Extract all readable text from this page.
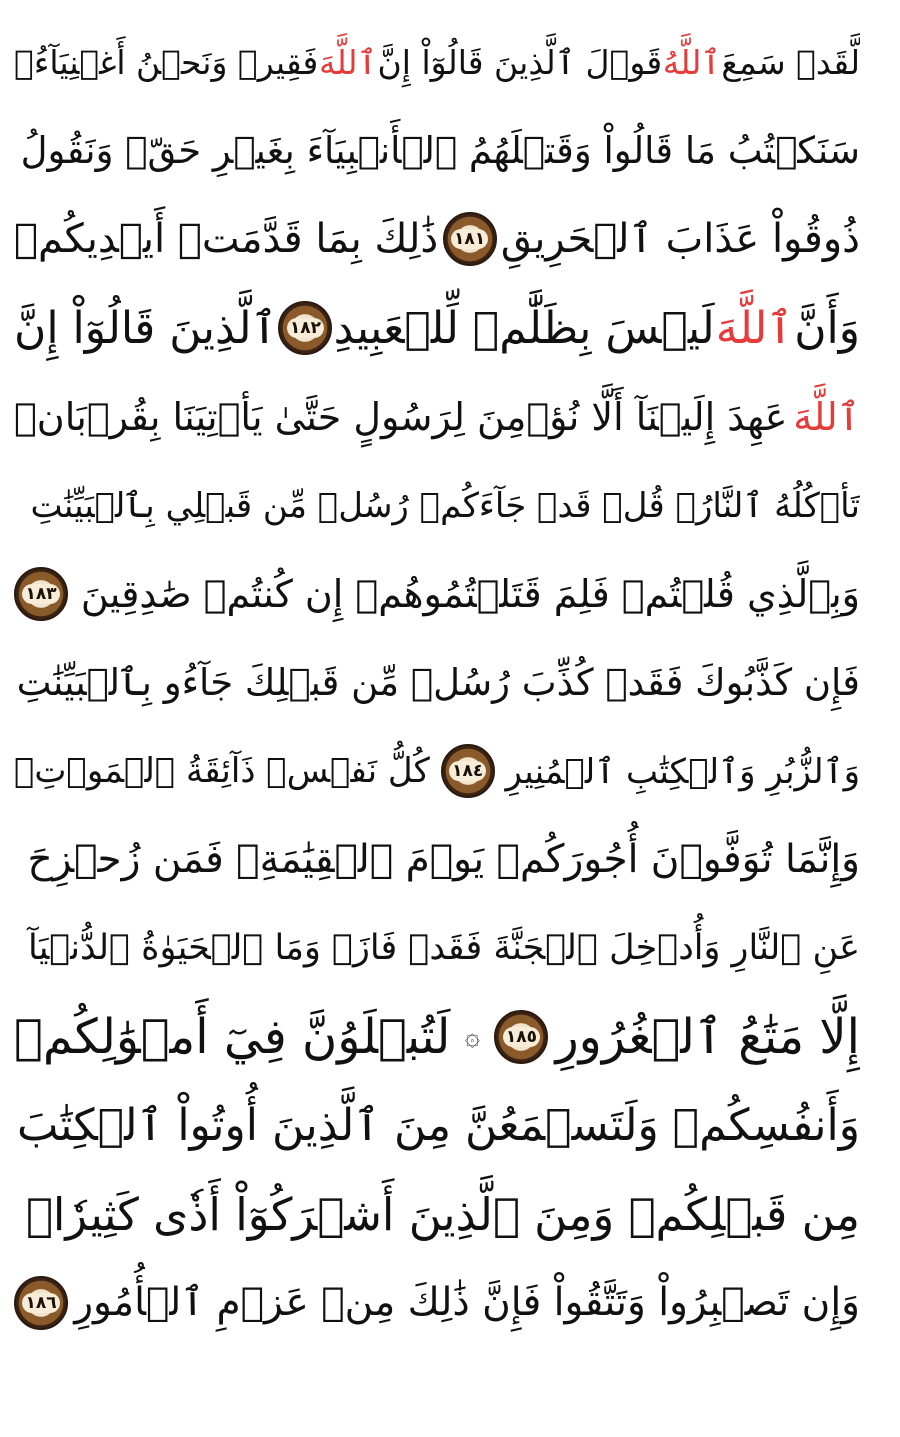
لَّقَدۡ سَمِعَ
ٱللَّهُ
قَوۡلَ ٱلَّذِينَ قَالُوٓاْ إِنَّ
ٱللَّهَ
فَقِيرٞ وَنَحۡنُ أَغۡنِيَآءُۘ
سَنَكۡتُبُ مَا قَالُواْ وَقَتۡلَهُمُ ٱلۡأَنۢبِيَآءَ بِغَيۡرِ حَقّٖ وَنَقُولُ
ذُوقُواْ عَذَابَ ٱلۡحَرِيقِ
١٨١
ذَٰلِكَ بِمَا قَدَّمَتۡ أَيۡدِيكُمۡ
وَأَنَّ
ٱللَّهَ
لَيۡسَ بِظَلَّٰمٖ لِّلۡعَبِيدِ
١٨٢
ٱلَّذِينَ قَالُوٓاْ إِنَّ
ٱللَّهَ
عَهِدَ إِلَيۡنَآ أَلَّا نُؤۡمِنَ لِرَسُولٍ حَتَّىٰ يَأۡتِيَنَا بِقُرۡبَانٖ
تَأۡكُلُهُ ٱلنَّارُۗ قُلۡ قَدۡ جَآءَكُمۡ رُسُلٞ مِّن قَبۡلِي بِٱلۡبَيِّنَٰتِ
وَبِٱلَّذِي قُلۡتُمۡ فَلِمَ قَتَلۡتُمُوهُمۡ إِن كُنتُمۡ صَٰدِقِينَ
١٨٣
فَإِن كَذَّبُوكَ فَقَدۡ كُذِّبَ رُسُلٞ مِّن قَبۡلِكَ جَآءُو بِٱلۡبَيِّنَٰتِ
وَٱلزُّبُرِ وَٱلۡكِتَٰبِ ٱلۡمُنِيرِ
١٨٤
كُلُّ نَفۡسٖ ذَآئِقَةُ ٱلۡمَوۡتِۗ
وَإِنَّمَا تُوَفَّوۡنَ أُجُورَكُمۡ يَوۡمَ ٱلۡقِيَٰمَةِۖ فَمَن زُحۡزِحَ
عَنِ ٱلنَّارِ وَأُدۡخِلَ ٱلۡجَنَّةَ فَقَدۡ فَازَۗ وَمَا ٱلۡحَيَوٰةُ ٱلدُّنۡيَآ
إِلَّا مَتَٰعُ ٱلۡغُرُورِ
١٨٥
۞
لَتُبۡلَوُنَّ فِيٓ أَمۡوَٰلِكُمۡ
وَأَنفُسِكُمۡ وَلَتَسۡمَعُنَّ مِنَ ٱلَّذِينَ أُوتُواْ ٱلۡكِتَٰبَ
مِن قَبۡلِكُمۡ وَمِنَ ٱلَّذِينَ أَشۡرَكُوٓاْ أَذٗى كَثِيرٗاۚ
وَإِن تَصۡبِرُواْ وَتَتَّقُواْ فَإِنَّ ذَٰلِكَ مِنۡ عَزۡمِ ٱلۡأُمُورِ
١٨٦
